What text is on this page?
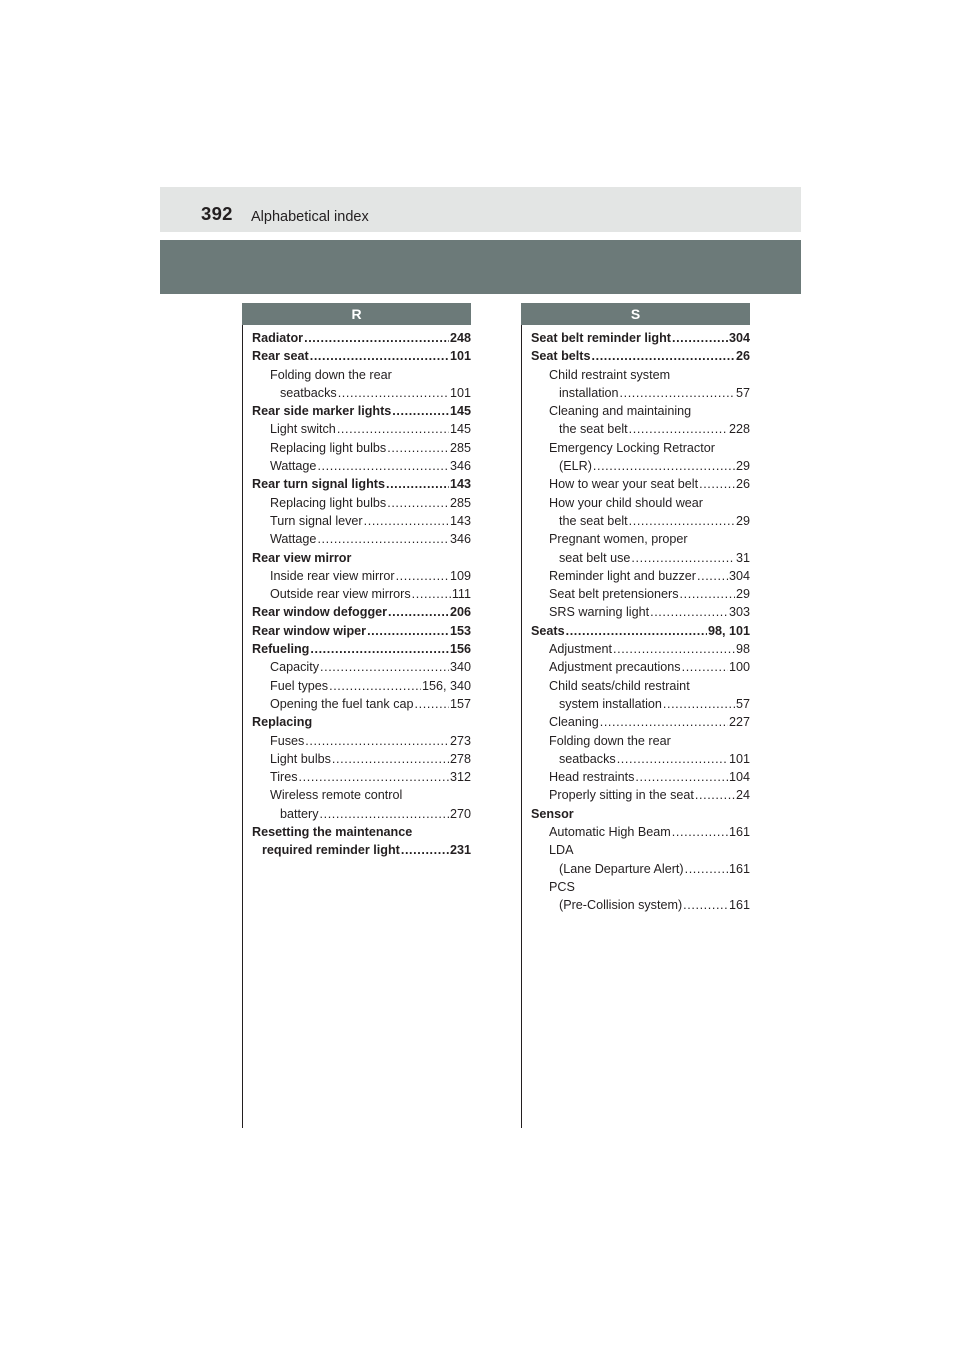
392 Alphabetical index
R
Radiator .....	248
Rear seat .....	101
Folding down the rear
seatbacks .....	101
Rear side marker lights .....	145
Light switch .....	145
Replacing light bulbs .....	285
Wattage .....	346
Rear turn signal lights .....	143
Replacing light bulbs .....	285
Turn signal lever .....	143
Wattage .....	346
Rear view mirror
Inside rear view mirror .....	109
Outside rear view mirrors .....	111
Rear window defogger .....	206
Rear window wiper .....	153
Refueling .....	156
Capacity .....	340
Fuel types .....	156, 340
Opening the fuel tank cap .....	157
Replacing
Fuses .....	273
Light bulbs .....	278
Tires .....	312
Wireless remote control
battery .....	270
Resetting the maintenance
required reminder light .....	231
S
Seat belt reminder light .....	304
Seat belts .....	26
Child restraint system
installation .....	57
Cleaning and maintaining
the seat belt .....	228
Emergency Locking Retractor
(ELR) .....	29
How to wear your seat belt .....	26
How your child should wear
the seat belt .....	29
Pregnant women, proper
seat belt use .....	31
Reminder light and buzzer .....	304
Seat belt pretensioners .....	29
SRS warning light .....	303
Seats .....	98, 101
Adjustment .....	98
Adjustment precautions .....	100
Child seats/child restraint
system installation .....	57
Cleaning .....	227
Folding down the rear
seatbacks .....	101
Head restraints .....	104
Properly sitting in the seat .....	24
Sensor
Automatic High Beam .....	161
LDA
(Lane Departure Alert) .....	161
PCS
(Pre-Collision system) .....	161
